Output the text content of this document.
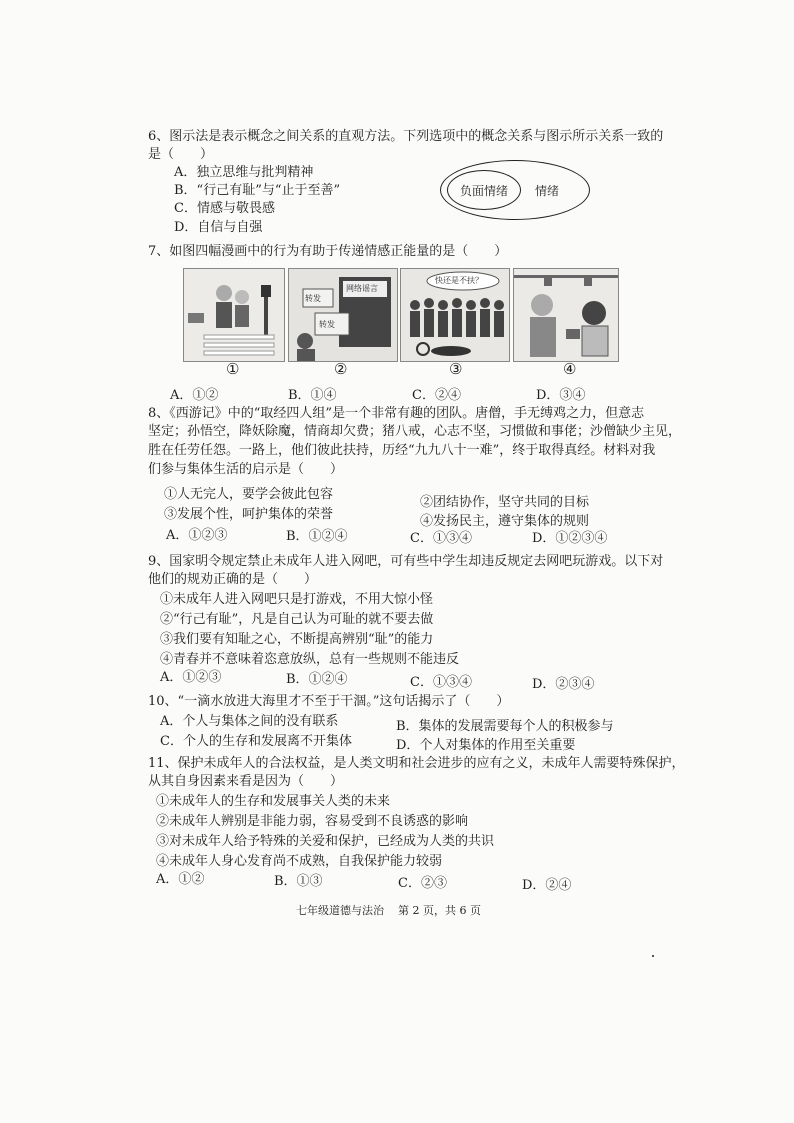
6、图示法是表示概念之间关系的直观方法。下列选项中的概念关系与图示所示关系一致的
是（　　）
A．独立思维与批判精神
B．“行己有耻”与“止于至善”
C．情感与敬畏感
D．自信与自强
负面情绪 情绪
7、如图四幅漫画中的行为有助于传递情感正能量的是（　　）
网络谣言
转发
转发
快还是不扶？
①	②	③	④
A．①②	B．①④	C．②④	D．③④
8、《西游记》中的“取经四人组”是一个非常有趣的团队。唐僧，手无缚鸡之力，但意志
坚定；孙悟空，降妖除魔，情商却欠费；猪八戒，心志不坚，习惯做和事佬；沙僧缺少主见，
胜在任劳任怨。一路上，他们彼此扶持，历经“九九八十一难”，终于取得真经。材料对我
们参与集体生活的启示是（　　）
①人无完人，要学会彼此包容
②团结协作，坚守共同的目标
③发展个性，呵护集体的荣誉	④发扬民主，遵守集体的规则
A．①②③	B．①②④	C．①③④	D．①②③④
9、国家明令规定禁止未成年人进入网吧，可有些中学生却违反规定去网吧玩游戏。以下对
他们的规劝正确的是（　　）
①未成年人进入网吧只是打游戏，不用大惊小怪
②“行己有耻”，凡是自己认为可耻的就不要去做
③我们要有知耻之心，不断提高辨别“耻”的能力
④青春并不意味着恣意放纵，总有一些规则不能违反
A．①②③	B．①②④	C．①③④	D．②③④
10、“一滴水放进大海里才不至于干涸。”这句话揭示了（　　）
A．个人与集体之间的没有联系	B．集体的发展需要每个人的积极参与
C．个人的生存和发展离不开集体	D．个人对集体的作用至关重要
11、保护未成年人的合法权益，是人类文明和社会进步的应有之义，未成年人需要特殊保护，
从其自身因素来看是因为（　　）
①未成年人的生存和发展事关人类的未来
②未成年人辨别是非能力弱，容易受到不良诱惑的影响
③对未成年人给予特殊的关爱和保护，已经成为人类的共识
④未成年人身心发育尚不成熟，自我保护能力较弱
A．①②	B．①③	C．②③	D．②④
七年级道德与法治 第 2 页，共 6 页
